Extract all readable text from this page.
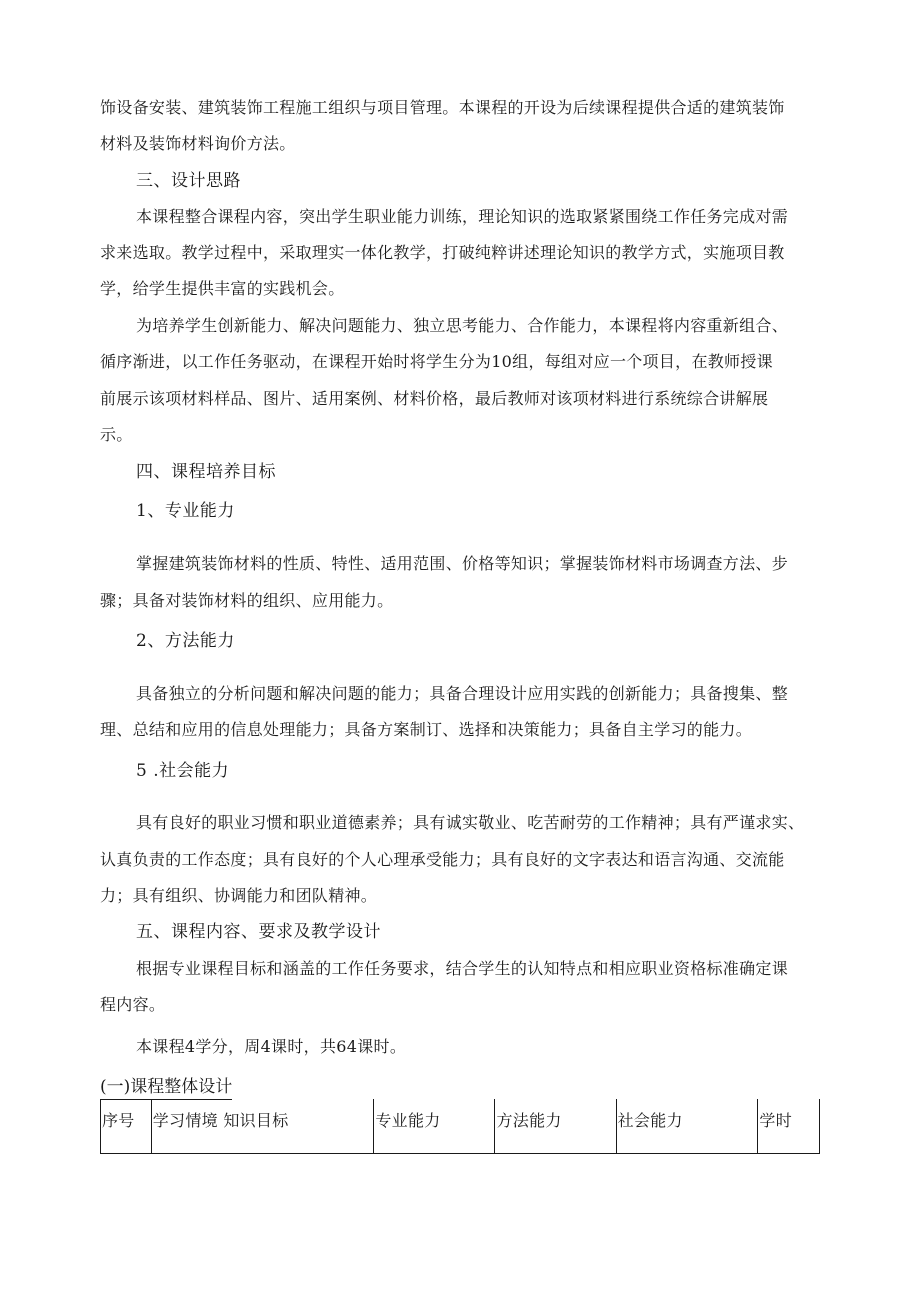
饰设备安装、建筑装饰工程施工组织与项目管理。本课程的开设为后续课程提供合适的建筑装饰
材料及装饰材料询价方法。
三、设计思路
本课程整合课程内容，突出学生职业能力训练，理论知识的选取紧紧围绕工作任务完成对需
求来选取。教学过程中，采取理实一体化教学，打破纯粹讲述理论知识的教学方式，实施项目教
学，给学生提供丰富的实践机会。
为培养学生创新能力、解决问题能力、独立思考能力、合作能力，本课程将内容重新组合、
循序渐进，以工作任务驱动，在课程开始时将学生分为10组，每组对应一个项目，在教师授课
前展示该项材料样品、图片、适用案例、材料价格，最后教师对该项材料进行系统综合讲解展
示。
四、课程培养目标
1、专业能力
掌握建筑装饰材料的性质、特性、适用范围、价格等知识；掌握装饰材料市场调查方法、步
骤；具备对装饰材料的组织、应用能力。
2、方法能力
具备独立的分析问题和解决问题的能力；具备合理设计应用实践的创新能力；具备搜集、整
理、总结和应用的信息处理能力；具备方案制订、选择和决策能力；具备自主学习的能力。
5 .社会能力
具有良好的职业习惯和职业道德素养；具有诚实敬业、吃苦耐劳的工作精神；具有严谨求实、
认真负责的工作态度；具有良好的个人心理承受能力；具有良好的文字表达和语言沟通、交流能
力；具有组织、协调能力和团队精神。
五、课程内容、要求及教学设计
根据专业课程目标和涵盖的工作任务要求，结合学生的认知特点和相应职业资格标准确定课
程内容。
本课程4学分，周4课时，共64课时。
(一)课程整体设计
序号	学习情境 知识目标	专业能力	方法能力	社会能力	学时
